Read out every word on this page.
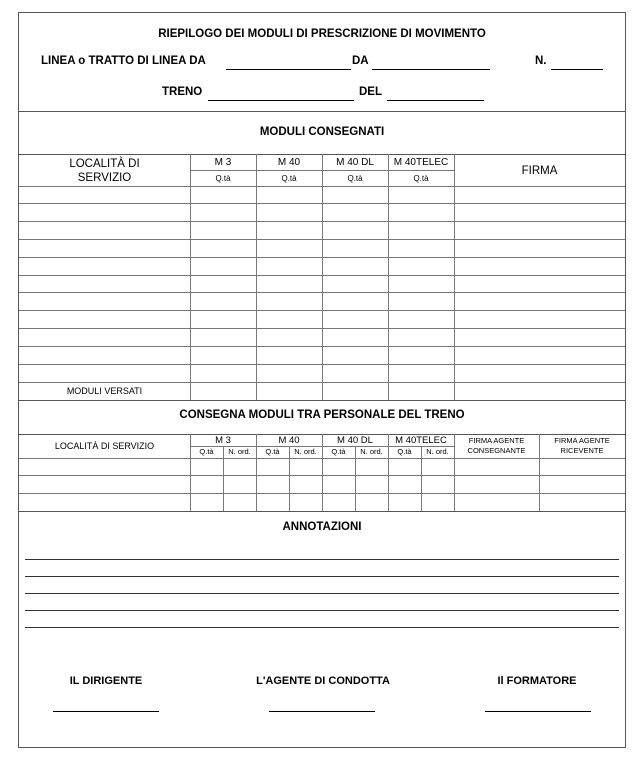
RIEPILOGO DEI MODULI DI PRESCRIZIONE DI MOVIMENTO
LINEA o TRATTO DI LINEA DA	DA	N.
TRENO	DEL
MODULI CONSEGNATI
LOCALITÀ DI
SERVIZIO
M 3	M 40	M 40 DL	M 40TELEC
Q.tà	Q.tà	Q.tà	Q.tà
FIRMA
MODULI VERSATI
CONSEGNA MODULI TRA PERSONALE DEL TRENO
LOCALITÀ DI SERVIZIO	M 3	M 40	M 40 DL	M 40TELEC
Q.tà	N. ord.	Q.tà	N. ord.	Q.tà	N. ord.	Q.tà	N. ord.
FIRMA AGENTE
CONSEGNANTE
FIRMA AGENTE
RICEVENTE
ANNOTAZIONI
IL DIRIGENTE	L'AGENTE DI CONDOTTA	Il FORMATORE
